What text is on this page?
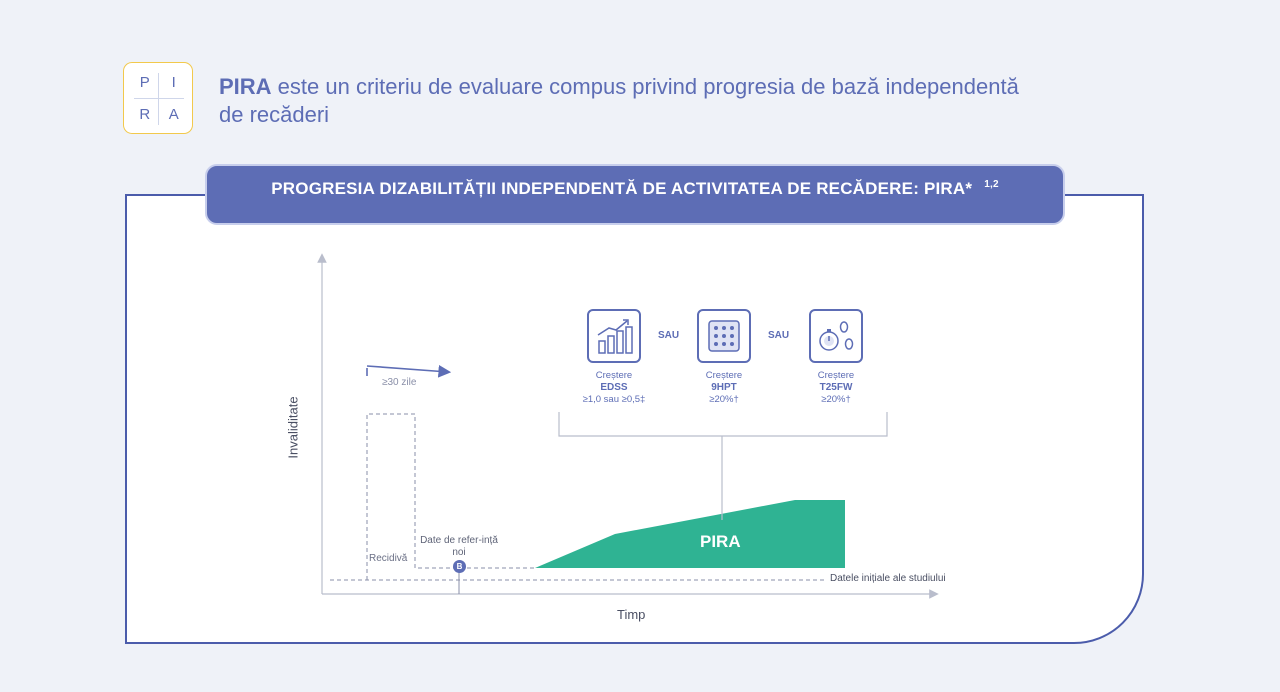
P	I
R	A
PIRA este un criteriu de evaluare compus privind progresia de bază independentă de recăderi
PROGRESIA DIZABILITĂȚII INDEPENDENTĂ DE ACTIVITATEA DE RECĂDERE: PIRA* $^{1,2}$
SAU	SAU
Creștere
EDSS
≥1,0 sau ≥0,5‡
Creștere
9HPT
≥20%†
Creștere
T25FW
≥20%†
≥30 zile
Recidivă
Date de refer-ință noi
B
Datele inițiale ale studiului
PIRA
Timp
Invaliditate
